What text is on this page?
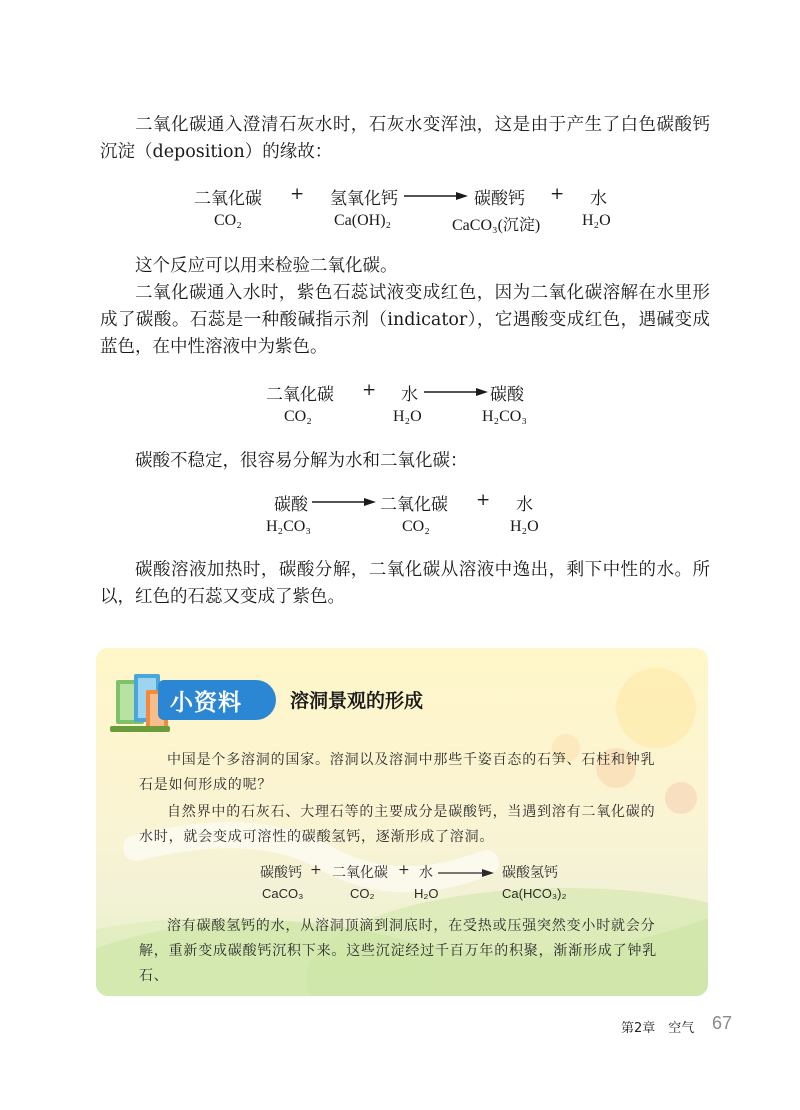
二氧化碳通入澄清石灰水时，石灰水变浑浊，这是由于产生了白色碳酸钙沉淀（deposition）的缘故：

二氧化碳 + 氢氧化钙	碳酸钙 + 水
CO₂	Ca(OH)₂	CaCO₃(沉淀)	H₂O

这个反应可以用来检验二氧化碳。

二氧化碳通入水时，紫色石蕊试液变成红色，因为二氧化碳溶解在水里形成了碳酸。石蕊是一种酸碱指示剂（indicator），它遇酸变成红色，遇碱变成蓝色，在中性溶液中为紫色。

二氧化碳 + 水	碳酸
CO₂	H₂O	H₂CO₃

碳酸不稳定，很容易分解为水和二氧化碳：

碳酸	二氧化碳 + 水
H₂CO₃	CO₂	H₂O

碳酸溶液加热时，碳酸分解，二氧化碳从溶液中逸出，剩下中性的水。所以，红色的石蕊又变成了紫色。

小资料	溶洞景观的形成

中国是个多溶洞的国家。溶洞以及溶洞中那些千姿百态的石笋、石柱和钟乳石是如何形成的呢？

自然界中的石灰石、大理石等的主要成分是碳酸钙，当遇到溶有二氧化碳的水时，就会变成可溶性的碳酸氢钙，逐渐形成了溶洞。

碳酸钙 + 二氧化碳 + 水	碳酸氢钙
CaCO₃	CO₂	H₂O	Ca(HCO₃)₂

溶有碳酸氢钙的水，从溶洞顶滴到洞底时，在受热或压强突然变小时就会分解，重新变成碳酸钙沉积下来。这些沉淀经过千百万年的积聚，渐渐形成了钟乳石、

第2章　空气 67
